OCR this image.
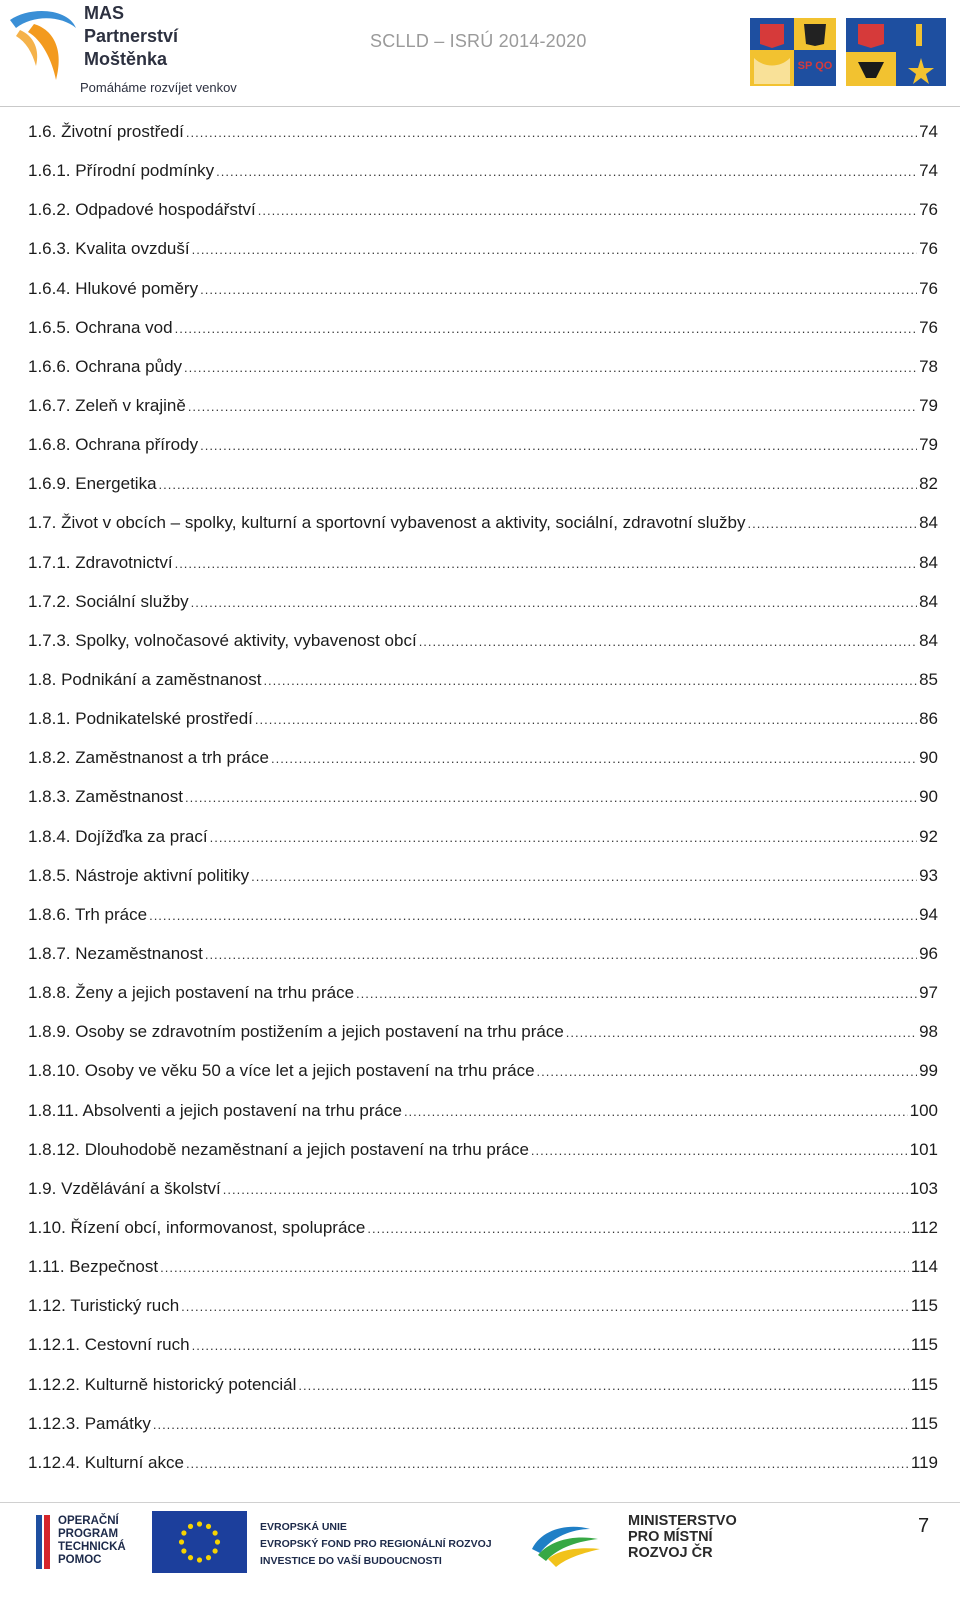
MAS
Partnerství
Moštěnka
Pomáháme rozvíjet venkov
SCLLD – ISRÚ 2014-2020
SP QO
1.6. Životní prostředí .....	74
1.6.1. Přírodní podmínky .....	74
1.6.2. Odpadové hospodářství .....	76
1.6.3. Kvalita ovzduší .....	76
1.6.4. Hlukové poměry .....	76
1.6.5. Ochrana vod .....	76
1.6.6. Ochrana půdy .....	78
1.6.7. Zeleň v krajině .....	79
1.6.8. Ochrana přírody .....	79
1.6.9. Energetika .....	82
1.7. Život v obcích – spolky, kulturní a sportovní vybavenost a aktivity, sociální, zdravotní služby .....	84
1.7.1. Zdravotnictví .....	84
1.7.2. Sociální služby .....	84
1.7.3. Spolky, volnočasové aktivity, vybavenost obcí .....	84
1.8. Podnikání a zaměstnanost .....	85
1.8.1. Podnikatelské prostředí .....	86
1.8.2. Zaměstnanost a trh práce .....	90
1.8.3. Zaměstnanost .....	90
1.8.4. Dojížďka za prací .....	92
1.8.5. Nástroje aktivní politiky .....	93
1.8.6. Trh práce .....	94
1.8.7. Nezaměstnanost .....	96
1.8.8. Ženy a jejich postavení na trhu práce .....	97
1.8.9. Osoby se zdravotním postižením a jejich postavení na trhu práce .....	98
1.8.10. Osoby ve věku 50 a více let a jejich postavení na trhu práce .....	99
1.8.11. Absolventi a jejich postavení na trhu práce .....	100
1.8.12. Dlouhodobě nezaměstnaní a jejich postavení na trhu práce .....	101
1.9. Vzdělávání a školství .....	103
1.10. Řízení obcí, informovanost, spolupráce .....	112
1.11. Bezpečnost .....	114
1.12. Turistický ruch .....	115
1.12.1. Cestovní ruch .....	115
1.12.2. Kulturně historický potenciál .....	115
1.12.3. Památky .....	115
1.12.4. Kulturní akce .....	119
OPERAČNÍ
PROGRAM
TECHNICKÁ
POMOC
EVROPSKÁ UNIE
EVROPSKÝ FOND PRO REGIONÁLNÍ ROZVOJ
INVESTICE DO VAŠÍ BUDOUCNOSTI
MINISTERSTVO
PRO MÍSTNÍ
ROZVOJ ČR
7
